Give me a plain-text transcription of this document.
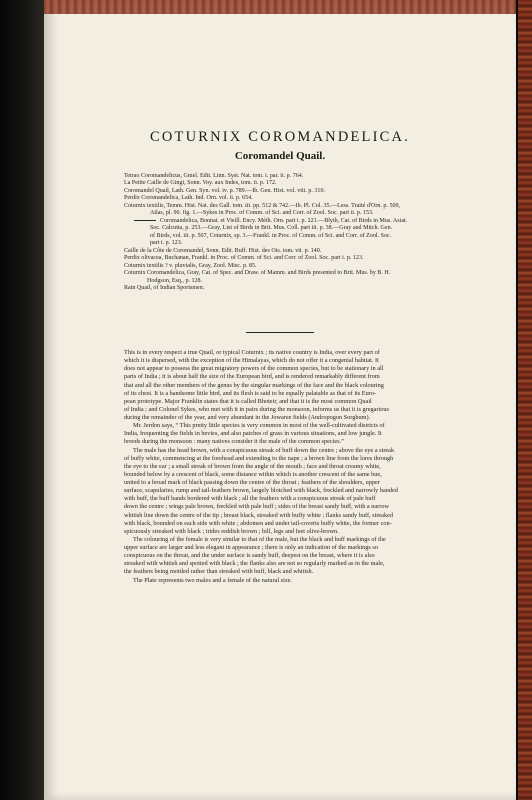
COTURNIX COROMANDELICA.
Coromandel Quail.
Tetrao Coromandelicus, Gmel. Edit. Linn. Syst. Nat. tom. i. par. ii. p. 764.
La Petite Caille de Gingi, Sonn. Voy. aux Indes, tom. ii. p. 172.
Coromandel Quail, Lath. Gen. Syn. vol. iv. p. 789.—Ib. Gen. Hist. vol. viii. p. 310.
Perdix Coromandelica, Lath. Ind. Orn. vol. ii. p. 654.
Coturnix textilis, Temm. Hist. Nat. des Gall. tom. iii. pp. 512 & 742.—Ib. Pl. Col. 35.—Less. Traité d'Orn. p. 509,
Atlas, pl. 90. fig. 1.—Sykes in Proc. of Comm. of Sci. and Corr. of Zool. Soc. part ii. p. 153.
Coromandelica, Bonnat. et Vieill. Ency. Méth. Orn. part i. p. 221.—Blyth, Cat. of Birds in Mus. Asiat.
Soc. Calcutta, p. 253.—Gray, List of Birds in Brit. Mus. Coll. part iii. p. 38.—Gray and Mitch. Gen.
of Birds, vol. iii. p. 507, Coturnix, sp. 3.—Frankl. in Proc. of Comm. of Sci. and Corr. of Zool. Soc.
part i. p. 123.
Caille de la Côte de Coromandel, Sonn. Edit. Buff. Hist. des Ois. tom. vii. p. 140.
Perdix olivacea, Buchanan, Frankl. in Proc. of Comm. of Sci. and Corr. of Zool. Soc. part i. p. 123.
Coturnix textilis ? v. pluvialis, Gray, Zool. Misc. p. 85.
Coturnix Coromandelica, Gray, Cat. of Spec. and Draw. of Mamm. and Birds presented to Brit. Mus. by B. H.
Hodgson, Esq., p. 128.
Rain Quail, of Indian Sportsmen.
This is in every respect a true Quail, or typical Coturnix ; its native country is India, over every part of
which it is dispersed, with the exception of the Himalayas, which do not offer it a congenial habitat. It
does not appear to possess the great migratory powers of the common species, but to be stationary in all
parts of India ; it is about half the size of the European bird, and is rendered remarkably different from
that and all the other members of the genus by the singular markings of the face and the black colouring
of its chest. It is a handsome little bird, and its flesh is said to be equally palatable as that of its Euro-
pean prototype. Major Franklin states that it is called Bhoteir, and that it is the most common Quail
of India ; and Colonel Sykes, who met with it in pairs during the monsoon, informs us that it is gregarious
during the remainder of the year, and very abundant in the Jowaree fields (Andropogon Sorghum).
Mr. Jerdon says, “ This pretty little species is very common in most of the well-cultivated districts of
India, frequenting the fields in bevies, and also patches of grass in various situations, and low jungle. It
breeds during the monsoon : many natives consider it the male of the common species.”
The male has the head brown, with a conspicuous streak of buff down the centre ; above the eye a streak
of buffy white, commencing at the forehead and extending to the nape ; a brown line from the lores through
the eye to the ear ; a small streak of brown from the angle of the mouth ; face and throat creamy white,
bounded below by a crescent of black, some distance within which is another crescent of the same hue,
united to a broad mark of black passing down the centre of the throat ; feathers of the shoulders, upper
surface, scapularies, rump and tail-feathers brown, largely blotched with black, freckled and narrowly banded
with buff, the buff bands bordered with black ; all the feathers with a conspicuous streak of pale buff
down the centre ; wings pale brown, freckled with pale buff ; sides of the breast sandy buff, with a narrow
whitish line down the centre of the tip ; breast black, streaked with buffy white ; flanks sandy buff, streaked
with black, bounded on each side with white ; abdomen and under tail-coverts buffy white, the former con-
spicuously streaked with black ; irides reddish brown ; bill, legs and feet olive-brown.
The colouring of the female is very similar to that of the male, but the black and buff markings of the
upper surface are larger and less elegant in appearance ; there is only an indication of the markings so
conspicuous on the throat, and the under surface is sandy buff, deepest on the breast, where it is also
streaked with whitish and spotted with black ; the flanks also are not so regularly marked as in the male,
the feathers being mottled rather than streaked with buff, black and whitish.
The Plate represents two males and a female of the natural size.
